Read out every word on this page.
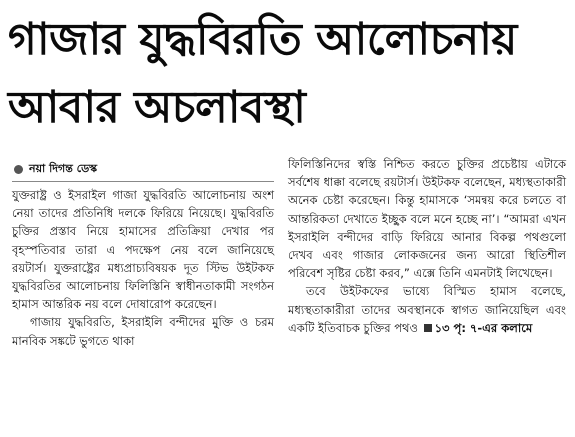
গাজার যুদ্ধবিরতি আলোচনায়
আবার অচলাবস্থা
নয়া দিগন্ত ডেস্ক

যুক্তরাষ্ট্র ও ইসরাইল গাজা যুদ্ধবিরতি আলোচনায় অংশ নেয়া তাদের প্রতিনিধি দলকে ফিরিয়ে নিয়েছে। যুদ্ধবিরতি চুক্তির প্রস্তাব নিয়ে হামাসের প্রতিক্রিয়া দেখার পর বৃহস্পতিবার তারা এ পদক্ষেপ নেয় বলে জানিয়েছে রয়টার্স। যুক্তরাষ্ট্রের মধ্যপ্রাচ্যবিষয়ক দূত স্টিভ উইটকফ যুদ্ধবিরতির আলোচনায় ফিলিস্তিনি স্বাধীনতাকামী সংগঠন হামাস আন্তরিক নয় বলে দোষারোপ করেছেন।

গাজায় যুদ্ধবিরতি, ইসরাইলি বন্দীদের মুক্তি ও চরম মানবিক সঙ্কটে ভুগতে থাকা

ফিলিস্তিনিদের স্বস্তি নিশ্চিত করতে চুক্তির প্রচেষ্টায় এটাকে সর্বশেষ ধাক্কা বলেছে রয়টার্স। উইটকফ বলেছেন, মধ্যস্থতাকারী অনেক চেষ্টা করেছেন। কিন্তু হামাসকে ‘সমন্বয় করে চলতে বা আন্তরিকতা দেখাতে ইচ্ছুক বলে মনে হচ্ছে না’। “আমরা এখন ইসরাইলি বন্দীদের বাড়ি ফিরিয়ে আনার বিকল্প পথগুলো দেখব এবং গাজার লোকজনের জন্য আরো স্থিতিশীল পরিবেশ সৃষ্টির চেষ্টা করব,” এক্সে তিনি এমনটাই লিখেছেন।

তবে উইটকফের ভাষ্যে বিস্মিত হামাস বলেছে, মধ্যস্থতাকারীরা তাদের অবস্থানকে স্বাগত জানিয়েছিল এবং একটি ইতিবাচক চুক্তির পথও ১৩ পৃ: ৭-এর কলামে
